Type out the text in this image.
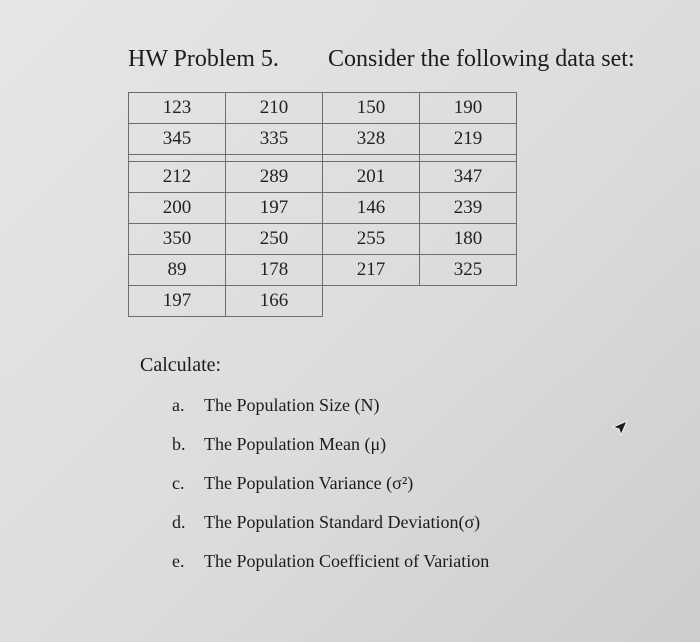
HW Problem 5. Consider the following data set:
123	210	150	190
345	335	328	219

212	289	201	347
200	197	146	239
350	250	255	180
89	178	217	325
197	166		
Calculate:
a. The Population Size (N)
b. The Population Mean (μ)
c. The Population Variance (σ²)
d. The Population Standard Deviation(σ)
e. The Population Coefficient of Variation
